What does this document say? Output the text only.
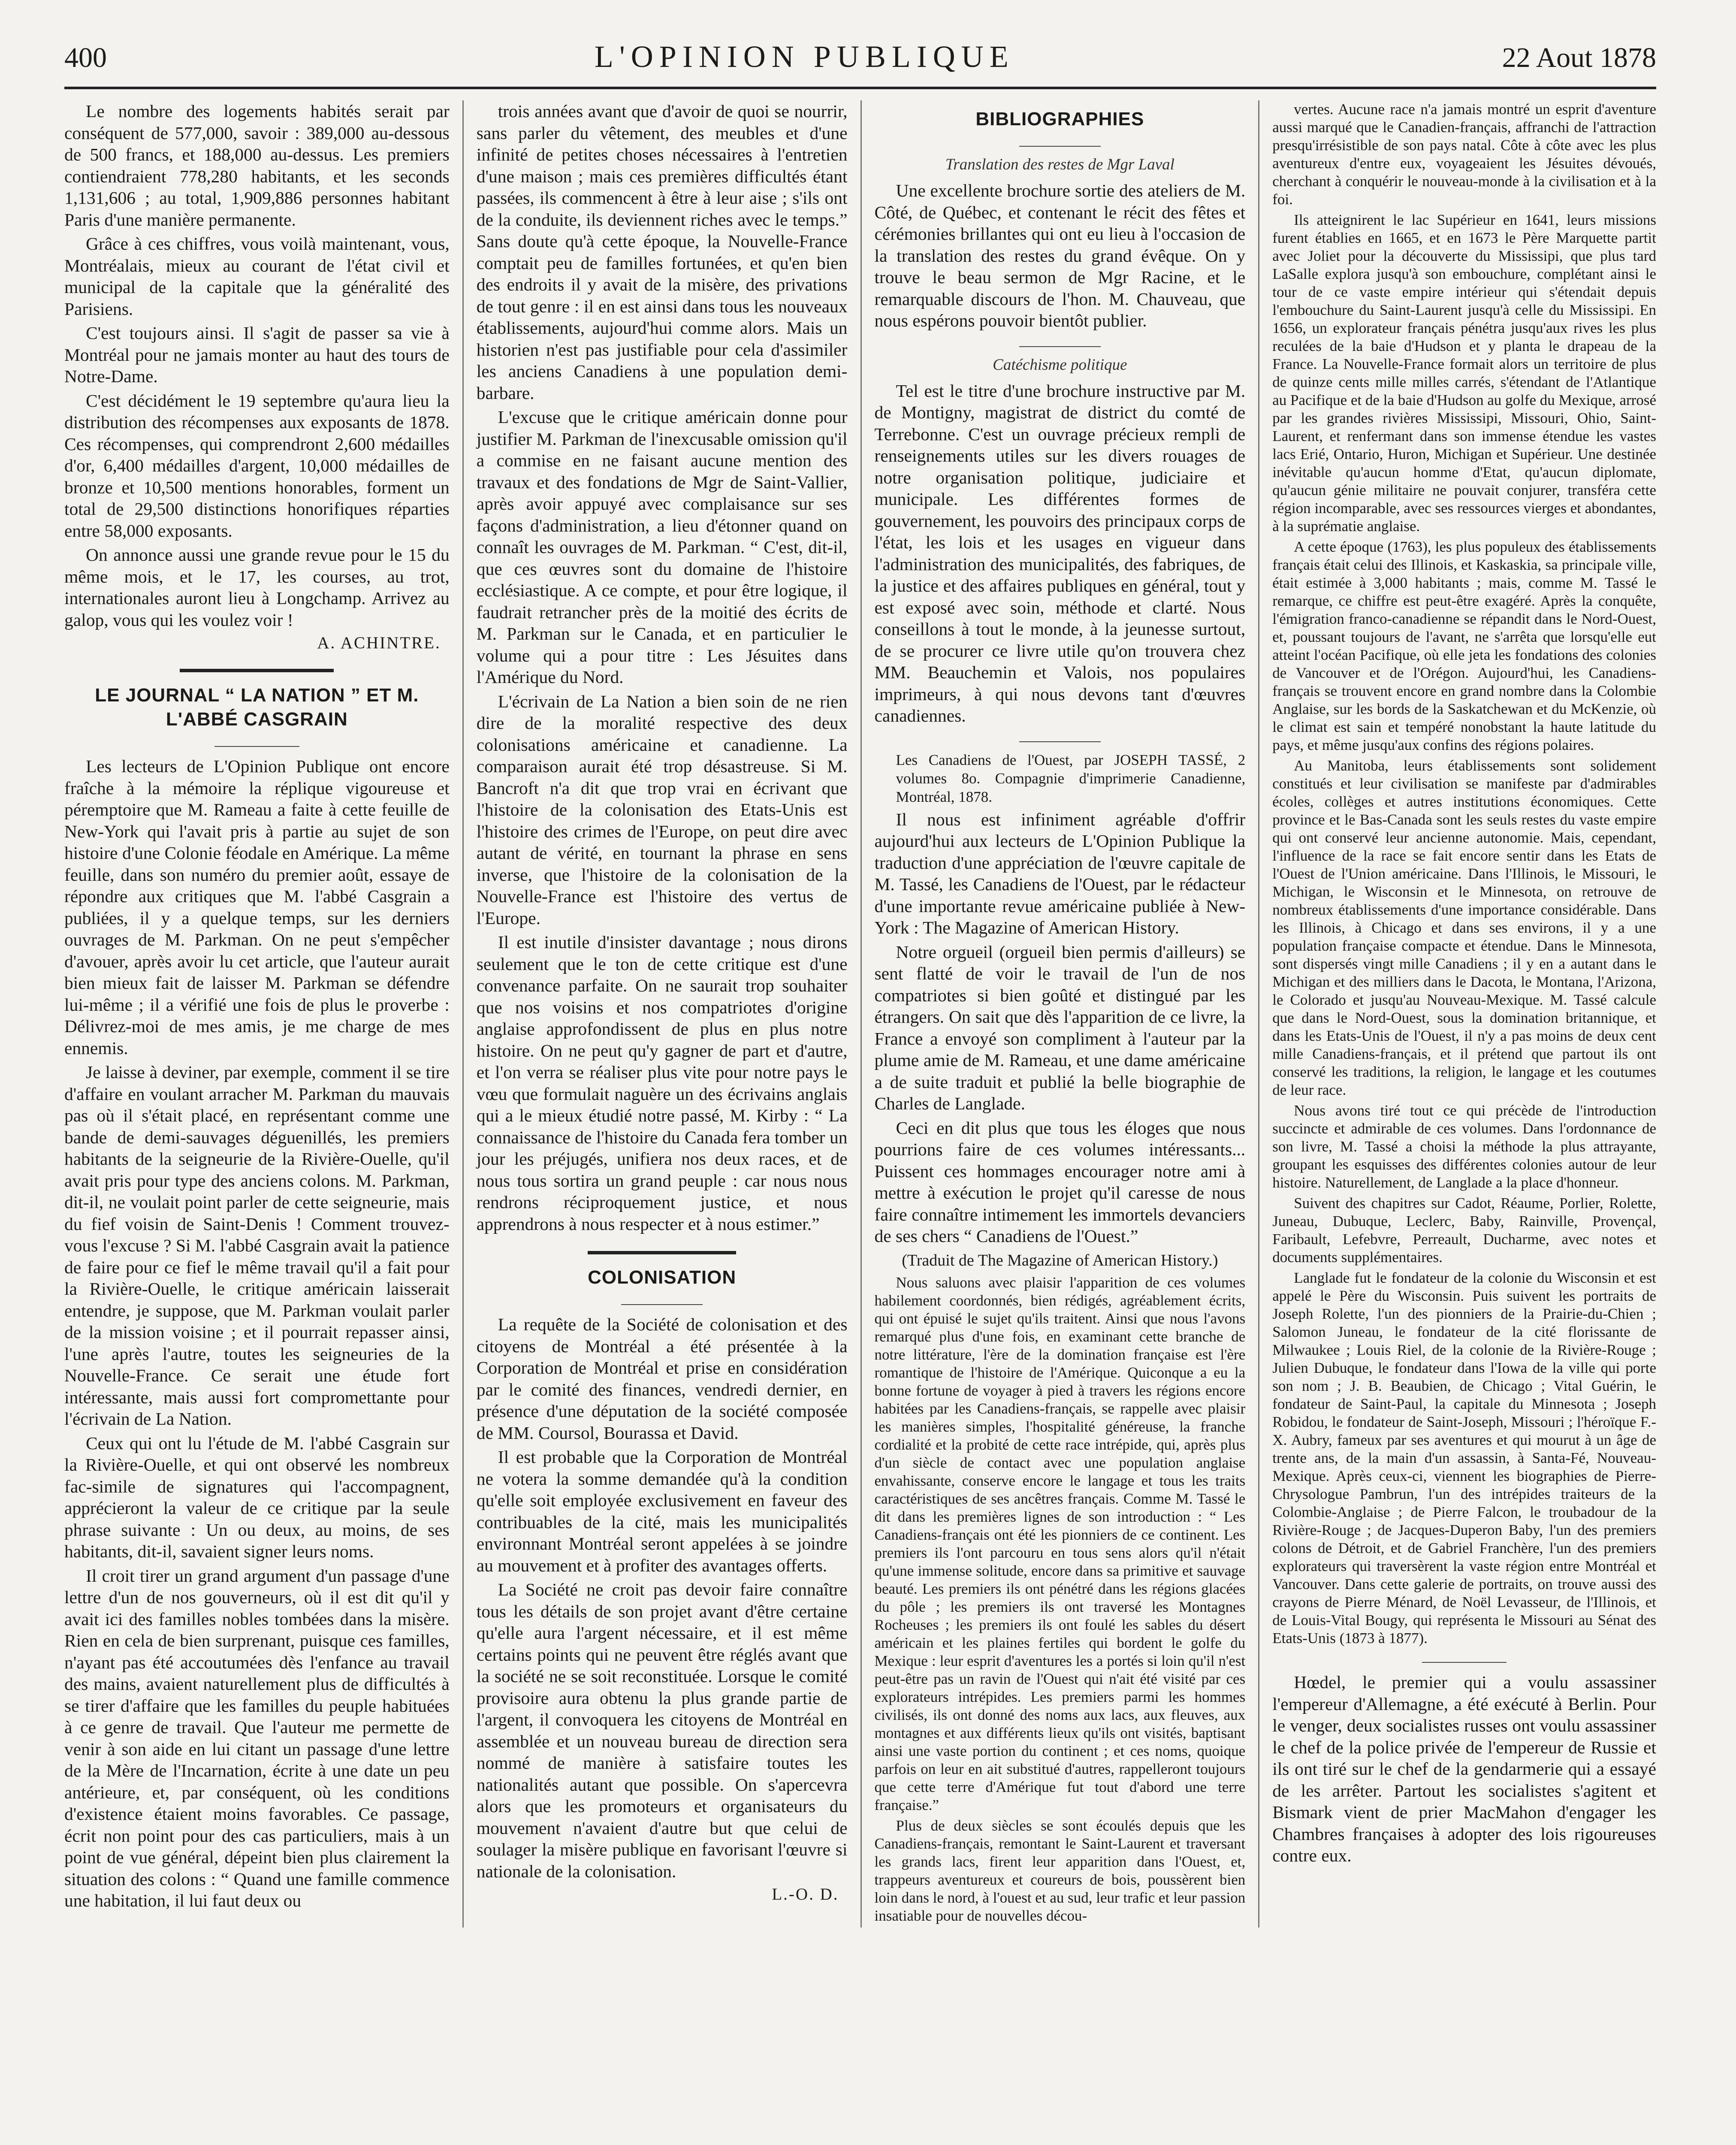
400	L'OPINION PUBLIQUE	22 Aout 1878

Le nombre des logements habités serait par conséquent de 577,000, savoir : 389,000 au-dessous de 500 francs, et 188,000 au-dessus. Les premiers contiendraient 778,280 habitants, et les seconds 1,131,606 ; au total, 1,909,886 personnes habitant Paris d'une manière permanente.

Grâce à ces chiffres, vous voilà maintenant, vous, Montréalais, mieux au courant de l'état civil et municipal de la capitale que la généralité des Parisiens.

C'est toujours ainsi. Il s'agit de passer sa vie à Montréal pour ne jamais monter au haut des tours de Notre-Dame.

C'est décidément le 19 septembre qu'aura lieu la distribution des récompenses aux exposants de 1878. Ces récompenses, qui comprendront 2,600 médailles d'or, 6,400 médailles d'argent, 10,000 médailles de bronze et 10,500 mentions honorables, forment un total de 29,500 distinctions honorifiques réparties entre 58,000 exposants.

On annonce aussi une grande revue pour le 15 du même mois, et le 17, les courses, au trot, internationales auront lieu à Longchamp. Arrivez au galop, vous qui les voulez voir !

A. ACHINTRE.
LE JOURNAL “ LA NATION ” ET M. L'ABBÉ CASGRAIN

Les lecteurs de L'Opinion Publique ont encore fraîche à la mémoire la réplique vigoureuse et péremptoire que M. Rameau a faite à cette feuille de New-York qui l'avait pris à partie au sujet de son histoire d'une Colonie féodale en Amérique. La même feuille, dans son numéro du premier août, essaye de répondre aux critiques que M. l'abbé Casgrain a publiées, il y a quelque temps, sur les derniers ouvrages de M. Parkman. On ne peut s'empêcher d'avouer, après avoir lu cet article, que l'auteur aurait bien mieux fait de laisser M. Parkman se défendre lui-même ; il a vérifié une fois de plus le proverbe : Délivrez-moi de mes amis, je me charge de mes ennemis.

Je laisse à deviner, par exemple, comment il se tire d'affaire en voulant arracher M. Parkman du mauvais pas où il s'était placé, en représentant comme une bande de demi-sauvages déguenillés, les premiers habitants de la seigneurie de la Rivière-Ouelle, qu'il avait pris pour type des anciens colons. M. Parkman, dit-il, ne voulait point parler de cette seigneurie, mais du fief voisin de Saint-Denis ! Comment trouvez-vous l'excuse ? Si M. l'abbé Casgrain avait la patience de faire pour ce fief le même travail qu'il a fait pour la Rivière-Ouelle, le critique américain laisserait entendre, je suppose, que M. Parkman voulait parler de la mission voisine ; et il pourrait repasser ainsi, l'une après l'autre, toutes les seigneuries de la Nouvelle-France. Ce serait une étude fort intéressante, mais aussi fort compromettante pour l'écrivain de La Nation.

Ceux qui ont lu l'étude de M. l'abbé Casgrain sur la Rivière-Ouelle, et qui ont observé les nombreux fac-simile de signatures qui l'accompagnent, apprécieront la valeur de ce critique par la seule phrase suivante : Un ou deux, au moins, de ses habitants, dit-il, savaient signer leurs noms.

Il croit tirer un grand argument d'un passage d'une lettre d'un de nos gouverneurs, où il est dit qu'il y avait ici des familles nobles tombées dans la misère. Rien en cela de bien surprenant, puisque ces familles, n'ayant pas été accoutumées dès l'enfance au travail des mains, avaient naturellement plus de difficultés à se tirer d'affaire que les familles du peuple habituées à ce genre de travail. Que l'auteur me permette de venir à son aide en lui citant un passage d'une lettre de la Mère de l'Incarnation, écrite à une date un peu antérieure, et, par conséquent, où les conditions d'existence étaient moins favorables. Ce passage, écrit non point pour des cas particuliers, mais à un point de vue général, dépeint bien plus clairement la situation des colons : “ Quand une famille commence une habitation, il lui faut deux ou

trois années avant que d'avoir de quoi se nourrir, sans parler du vêtement, des meubles et d'une infinité de petites choses nécessaires à l'entretien d'une maison ; mais ces premières difficultés étant passées, ils commencent à être à leur aise ; s'ils ont de la conduite, ils deviennent riches avec le temps.” Sans doute qu'à cette époque, la Nouvelle-France comptait peu de familles fortunées, et qu'en bien des endroits il y avait de la misère, des privations de tout genre : il en est ainsi dans tous les nouveaux établissements, aujourd'hui comme alors. Mais un historien n'est pas justifiable pour cela d'assimiler les anciens Canadiens à une population demi-barbare.

L'excuse que le critique américain donne pour justifier M. Parkman de l'inexcusable omission qu'il a commise en ne faisant aucune mention des travaux et des fondations de Mgr de Saint-Vallier, après avoir appuyé avec complaisance sur ses façons d'administration, a lieu d'étonner quand on connaît les ouvrages de M. Parkman. “ C'est, dit-il, que ces œuvres sont du domaine de l'histoire ecclésiastique. A ce compte, et pour être logique, il faudrait retrancher près de la moitié des écrits de M. Parkman sur le Canada, et en particulier le volume qui a pour titre : Les Jésuites dans l'Amérique du Nord.

L'écrivain de La Nation a bien soin de ne rien dire de la moralité respective des deux colonisations américaine et canadienne. La comparaison aurait été trop désastreuse. Si M. Bancroft n'a dit que trop vrai en écrivant que l'histoire de la colonisation des Etats-Unis est l'histoire des crimes de l'Europe, on peut dire avec autant de vérité, en tournant la phrase en sens inverse, que l'histoire de la colonisation de la Nouvelle-France est l'histoire des vertus de l'Europe.

Il est inutile d'insister davantage ; nous dirons seulement que le ton de cette critique est d'une convenance parfaite. On ne saurait trop souhaiter que nos voisins et nos compatriotes d'origine anglaise approfondissent de plus en plus notre histoire. On ne peut qu'y gagner de part et d'autre, et l'on verra se réaliser plus vite pour notre pays le vœu que formulait naguère un des écrivains anglais qui a le mieux étudié notre passé, M. Kirby : “ La connaissance de l'histoire du Canada fera tomber un jour les préjugés, unifiera nos deux races, et de nous tous sortira un grand peuple : car nous nous rendrons réciproquement justice, et nous apprendrons à nous respecter et à nous estimer.”

COLONISATION

La requête de la Société de colonisation et des citoyens de Montréal a été présentée à la Corporation de Montréal et prise en considération par le comité des finances, vendredi dernier, en présence d'une députation de la société composée de MM. Coursol, Bourassa et David.

Il est probable que la Corporation de Montréal ne votera la somme demandée qu'à la condition qu'elle soit employée exclusivement en faveur des contribuables de la cité, mais les municipalités environnant Montréal seront appelées à se joindre au mouvement et à profiter des avantages offerts.

La Société ne croit pas devoir faire connaître tous les détails de son projet avant d'être certaine qu'elle aura l'argent nécessaire, et il est même certains points qui ne peuvent être réglés avant que la société ne se soit reconstituée. Lorsque le comité provisoire aura obtenu la plus grande partie de l'argent, il convoquera les citoyens de Montréal en assemblée et un nouveau bureau de direction sera nommé de manière à satisfaire toutes les nationalités autant que possible. On s'apercevra alors que les promoteurs et organisateurs du mouvement n'avaient d'autre but que celui de soulager la misère publique en favorisant l'œuvre si nationale de la colonisation.

L.-O. D.
BIBLIOGRAPHIES
Translation des restes de Mgr Laval

Une excellente brochure sortie des ateliers de M. Côté, de Québec, et contenant le récit des fêtes et cérémonies brillantes qui ont eu lieu à l'occasion de la translation des restes du grand évêque. On y trouve le beau sermon de Mgr Racine, et le remarquable discours de l'hon. M. Chauveau, que nous espérons pouvoir bientôt publier.

Catéchisme politique

Tel est le titre d'une brochure instructive par M. de Montigny, magistrat de district du comté de Terrebonne. C'est un ouvrage précieux rempli de renseignements utiles sur les divers rouages de notre organisation politique, judiciaire et municipale. Les différentes formes de gouvernement, les pouvoirs des principaux corps de l'état, les lois et les usages en vigueur dans l'administration des municipalités, des fabriques, de la justice et des affaires publiques en général, tout y est exposé avec soin, méthode et clarté. Nous conseillons à tout le monde, à la jeunesse surtout, de se procurer ce livre utile qu'on trouvera chez MM. Beauchemin et Valois, nos populaires imprimeurs, à qui nous devons tant d'œuvres canadiennes.

Les Canadiens de l'Ouest, par JOSEPH TASSÉ, 2 volumes 8o. Compagnie d'imprimerie Canadienne, Montréal, 1878.

Il nous est infiniment agréable d'offrir aujourd'hui aux lecteurs de L'Opinion Publique la traduction d'une appréciation de l'œuvre capitale de M. Tassé, les Canadiens de l'Ouest, par le rédacteur d'une importante revue américaine publiée à New-York : The Magazine of American History.

Notre orgueil (orgueil bien permis d'ailleurs) se sent flatté de voir le travail de l'un de nos compatriotes si bien goûté et distingué par les étrangers. On sait que dès l'apparition de ce livre, la France a envoyé son compliment à l'auteur par la plume amie de M. Rameau, et une dame américaine a de suite traduit et publié la belle biographie de Charles de Langlade.

Ceci en dit plus que tous les éloges que nous pourrions faire de ces volumes intéressants... Puissent ces hommages encourager notre ami à mettre à exécution le projet qu'il caresse de nous faire connaître intimement les immortels devanciers de ses chers “ Canadiens de l'Ouest.”

(Traduit de The Magazine of American History.)

Nous saluons avec plaisir l'apparition de ces volumes habilement coordonnés, bien rédigés, agréablement écrits, qui ont épuisé le sujet qu'ils traitent. Ainsi que nous l'avons remarqué plus d'une fois, en examinant cette branche de notre littérature, l'ère de la domination française est l'ère romantique de l'histoire de l'Amérique. Quiconque a eu la bonne fortune de voyager à pied à travers les régions encore habitées par les Canadiens-français, se rappelle avec plaisir les manières simples, l'hospitalité généreuse, la franche cordialité et la probité de cette race intrépide, qui, après plus d'un siècle de contact avec une population anglaise envahissante, conserve encore le langage et tous les traits caractéristiques de ses ancêtres français. Comme M. Tassé le dit dans les premières lignes de son introduction : “ Les Canadiens-français ont été les pionniers de ce continent. Les premiers ils l'ont parcouru en tous sens alors qu'il n'était qu'une immense solitude, encore dans sa primitive et sauvage beauté. Les premiers ils ont pénétré dans les régions glacées du pôle ; les premiers ils ont traversé les Montagnes Rocheuses ; les premiers ils ont foulé les sables du désert américain et les plaines fertiles qui bordent le golfe du Mexique : leur esprit d'aventures les a portés si loin qu'il n'est peut-être pas un ravin de l'Ouest qui n'ait été visité par ces explorateurs intrépides. Les premiers parmi les hommes civilisés, ils ont donné des noms aux lacs, aux fleuves, aux montagnes et aux différents lieux qu'ils ont visités, baptisant ainsi une vaste portion du continent ; et ces noms, quoique parfois on leur en ait substitué d'autres, rappelleront toujours que cette terre d'Amérique fut tout d'abord une terre française.”

Plus de deux siècles se sont écoulés depuis que les Canadiens-français, remontant le Saint-Laurent et traversant les grands lacs, firent leur apparition dans l'Ouest, et, trappeurs aventureux et coureurs de bois, poussèrent bien loin dans le nord, à l'ouest et au sud, leur trafic et leur passion insatiable pour de nouvelles décou-

vertes. Aucune race n'a jamais montré un esprit d'aventure aussi marqué que le Canadien-français, affranchi de l'attraction presqu'irrésistible de son pays natal. Côte à côte avec les plus aventureux d'entre eux, voyageaient les Jésuites dévoués, cherchant à conquérir le nouveau-monde à la civilisation et à la foi.

Ils atteignirent le lac Supérieur en 1641, leurs missions furent établies en 1665, et en 1673 le Père Marquette partit avec Joliet pour la découverte du Mississipi, que plus tard LaSalle explora jusqu'à son embouchure, complétant ainsi le tour de ce vaste empire intérieur qui s'étendait depuis l'embouchure du Saint-Laurent jusqu'à celle du Mississipi. En 1656, un explorateur français pénétra jusqu'aux rives les plus reculées de la baie d'Hudson et y planta le drapeau de la France. La Nouvelle-France formait alors un territoire de plus de quinze cents mille milles carrés, s'étendant de l'Atlantique au Pacifique et de la baie d'Hudson au golfe du Mexique, arrosé par les grandes rivières Mississipi, Missouri, Ohio, Saint-Laurent, et renfermant dans son immense étendue les vastes lacs Erié, Ontario, Huron, Michigan et Supérieur. Une destinée inévitable qu'aucun homme d'Etat, qu'aucun diplomate, qu'aucun génie militaire ne pouvait conjurer, transféra cette région incomparable, avec ses ressources vierges et abondantes, à la suprématie anglaise.

A cette époque (1763), les plus populeux des établissements français était celui des Illinois, et Kaskaskia, sa principale ville, était estimée à 3,000 habitants ; mais, comme M. Tassé le remarque, ce chiffre est peut-être exagéré. Après la conquête, l'émigration franco-canadienne se répandit dans le Nord-Ouest, et, poussant toujours de l'avant, ne s'arrêta que lorsqu'elle eut atteint l'océan Pacifique, où elle jeta les fondations des colonies de Vancouver et de l'Orégon. Aujourd'hui, les Canadiens-français se trouvent encore en grand nombre dans la Colombie Anglaise, sur les bords de la Saskatchewan et du McKenzie, où le climat est sain et tempéré nonobstant la haute latitude du pays, et même jusqu'aux confins des régions polaires.

Au Manitoba, leurs établissements sont solidement constitués et leur civilisation se manifeste par d'admirables écoles, collèges et autres institutions économiques. Cette province et le Bas-Canada sont les seuls restes du vaste empire qui ont conservé leur ancienne autonomie. Mais, cependant, l'influence de la race se fait encore sentir dans les Etats de l'Ouest de l'Union américaine. Dans l'Illinois, le Missouri, le Michigan, le Wisconsin et le Minnesota, on retrouve de nombreux établissements d'une importance considérable. Dans les Illinois, à Chicago et dans ses environs, il y a une population française compacte et étendue. Dans le Minnesota, sont dispersés vingt mille Canadiens ; il y en a autant dans le Michigan et des milliers dans le Dacota, le Montana, l'Arizona, le Colorado et jusqu'au Nouveau-Mexique. M. Tassé calcule que dans le Nord-Ouest, sous la domination britannique, et dans les Etats-Unis de l'Ouest, il n'y a pas moins de deux cent mille Canadiens-français, et il prétend que partout ils ont conservé les traditions, la religion, le langage et les coutumes de leur race.

Nous avons tiré tout ce qui précède de l'introduction succincte et admirable de ces volumes. Dans l'ordonnance de son livre, M. Tassé a choisi la méthode la plus attrayante, groupant les esquisses des différentes colonies autour de leur histoire. Naturellement, de Langlade a la place d'honneur.

Suivent des chapitres sur Cadot, Réaume, Porlier, Rolette, Juneau, Dubuque, Leclerc, Baby, Rainville, Provençal, Faribault, Lefebvre, Perreault, Ducharme, avec notes et documents supplémentaires.

Langlade fut le fondateur de la colonie du Wisconsin et est appelé le Père du Wisconsin. Puis suivent les portraits de Joseph Rolette, l'un des pionniers de la Prairie-du-Chien ; Salomon Juneau, le fondateur de la cité florissante de Milwaukee ; Louis Riel, de la colonie de la Rivière-Rouge ; Julien Dubuque, le fondateur dans l'Iowa de la ville qui porte son nom ; J. B. Beaubien, de Chicago ; Vital Guérin, le fondateur de Saint-Paul, la capitale du Minnesota ; Joseph Robidou, le fondateur de Saint-Joseph, Missouri ; l'héroïque F.-X. Aubry, fameux par ses aventures et qui mourut à un âge de trente ans, de la main d'un assassin, à Santa-Fé, Nouveau-Mexique. Après ceux-ci, viennent les biographies de Pierre-Chrysologue Pambrun, l'un des intrépides traiteurs de la Colombie-Anglaise ; de Pierre Falcon, le troubadour de la Rivière-Rouge ; de Jacques-Duperon Baby, l'un des premiers colons de Détroit, et de Gabriel Franchère, l'un des premiers explorateurs qui traversèrent la vaste région entre Montréal et Vancouver. Dans cette galerie de portraits, on trouve aussi des crayons de Pierre Ménard, de Noël Levasseur, de l'Illinois, et de Louis-Vital Bougy, qui représenta le Missouri au Sénat des Etats-Unis (1873 à 1877).

Hœdel, le premier qui a voulu assassiner l'empereur d'Allemagne, a été exécuté à Berlin. Pour le venger, deux socialistes russes ont voulu assassiner le chef de la police privée de l'empereur de Russie et ils ont tiré sur le chef de la gendarmerie qui a essayé de les arrêter. Partout les socialistes s'agitent et Bismark vient de prier MacMahon d'engager les Chambres françaises à adopter des lois rigoureuses contre eux.
